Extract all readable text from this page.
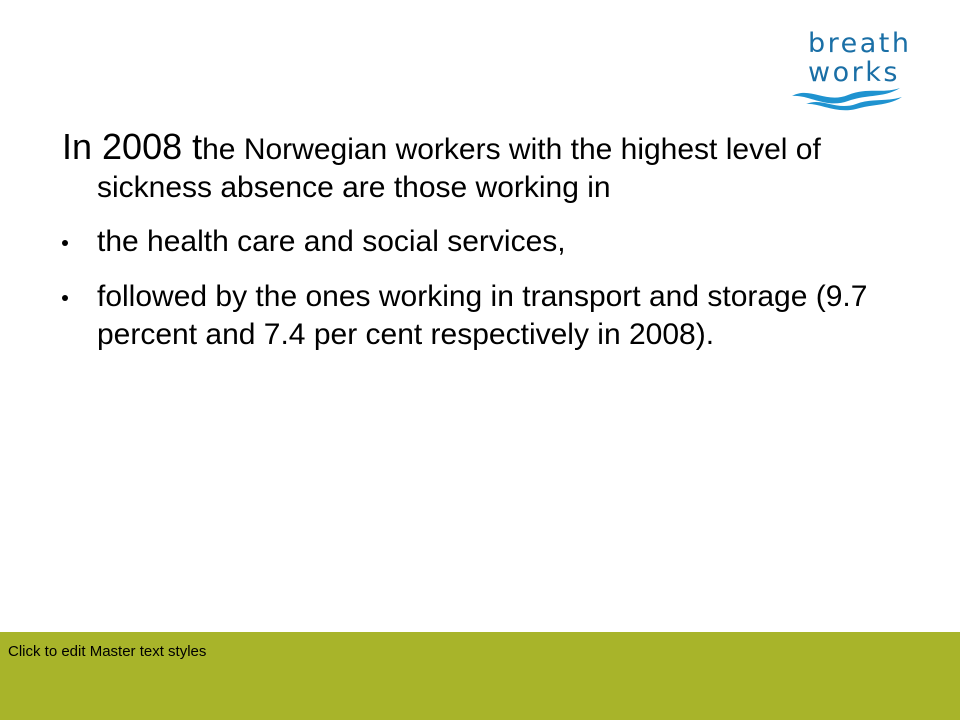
breath
works

In 2008 the Norwegian workers with the highest level of sickness absence are those working in

the health care and social services,
followed by the ones working in transport and storage (9.7 percent and 7.4 per cent respectively in 2008).
Click to edit Master text styles
